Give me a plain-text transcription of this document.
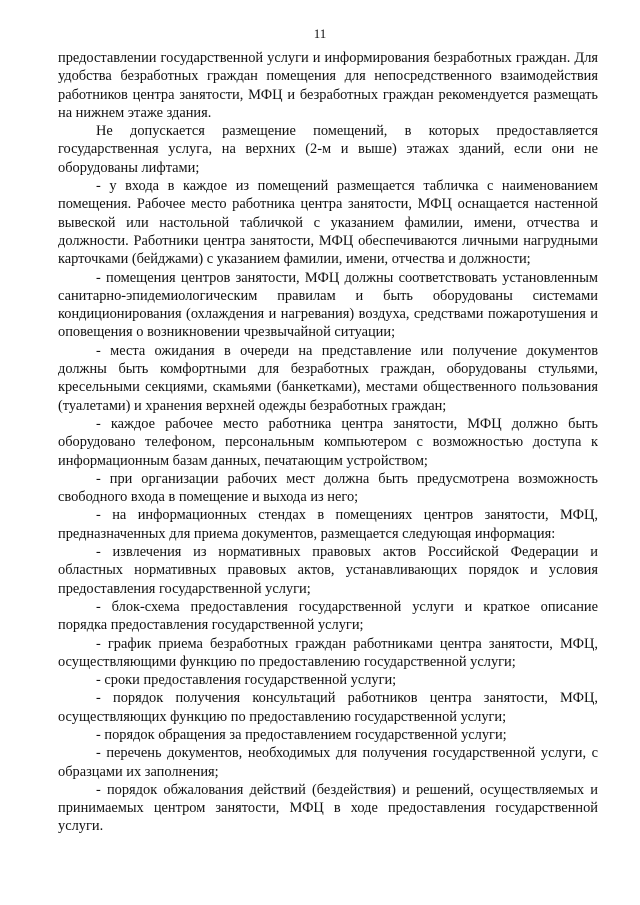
11

предоставлении государственной услуги и информирования безработных граждан. Для удобства безработных граждан помещения для непосредственного взаимодействия работников центра занятости, МФЦ и безработных граждан рекомендуется размещать на нижнем этаже здания.

Не допускается размещение помещений, в которых предоставляется государственная услуга, на верхних (2-м и выше) этажах зданий, если они не оборудованы лифтами;

- у входа в каждое из помещений размещается табличка с наименованием помещения. Рабочее место работника центра занятости, МФЦ оснащается настенной вывеской или настольной табличкой с указанием фамилии, имени, отчества и должности. Работники центра занятости, МФЦ обеспечиваются личными нагрудными карточками (бейджами) с указанием фамилии, имени, отчества и должности;

- помещения центров занятости, МФЦ должны соответствовать установленным санитарно-эпидемиологическим правилам и быть оборудованы системами кондиционирования (охлаждения и нагревания) воздуха, средствами пожаротушения и оповещения о возникновении чрезвычайной ситуации;

- места ожидания в очереди на представление или получение документов должны быть комфортными для безработных граждан, оборудованы стульями, кресельными секциями, скамьями (банкетками), местами общественного пользования (туалетами) и хранения верхней одежды безработных граждан;

- каждое рабочее место работника центра занятости, МФЦ должно быть оборудовано телефоном, персональным компьютером с возможностью доступа к информационным базам данных, печатающим устройством;

- при организации рабочих мест должна быть предусмотрена возможность свободного входа в помещение и выхода из него;

- на информационных стендах в помещениях центров занятости, МФЦ, предназначенных для приема документов, размещается следующая информация:

- извлечения из нормативных правовых актов Российской Федерации и областных нормативных правовых актов, устанавливающих порядок и условия предоставления государственной услуги;

- блок-схема предоставления государственной услуги и краткое описание порядка предоставления государственной услуги;

- график приема безработных граждан работниками центра занятости, МФЦ, осуществляющими функцию по предоставлению государственной услуги;

- сроки предоставления государственной услуги;

- порядок получения консультаций работников центра занятости, МФЦ, осуществляющих функцию по предоставлению государственной услуги;

- порядок обращения за предоставлением государственной услуги;

- перечень документов, необходимых для получения государственной услуги, с образцами их заполнения;

- порядок обжалования действий (бездействия) и решений, осуществляемых и принимаемых центром занятости, МФЦ в ходе предоставления государственной услуги.
